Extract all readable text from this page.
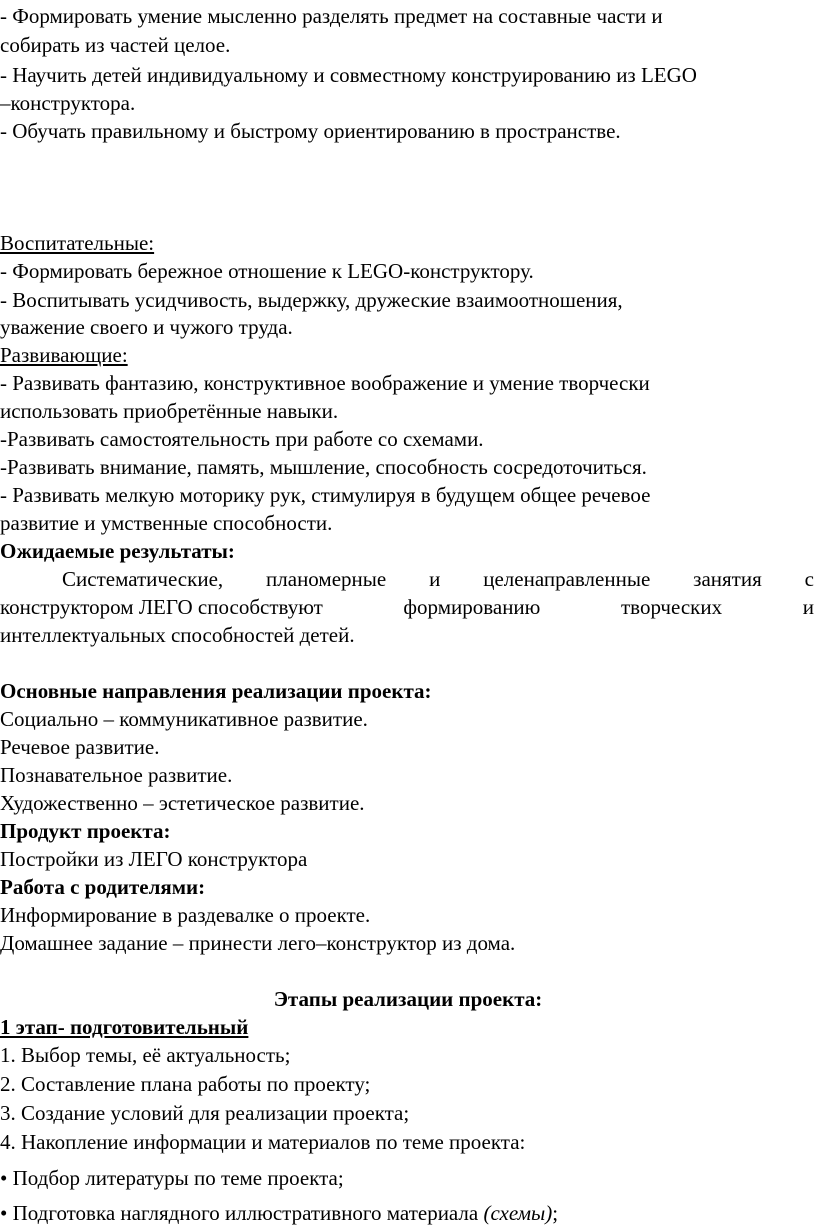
- Формировать умение мысленно разделять предмет на составные части и
собирать из частей целое.
- Научить детей индивидуальному и совместному конструированию из LEGO
–конструктора.
- Обучать правильному и быстрому ориентированию в пространстве.
Воспитательные:
- Формировать бережное отношение к LEGO-конструктору.
- Воспитывать усидчивость, выдержку, дружеские взаимоотношения,
уважение своего и чужого труда.
Развивающие:
- Развивать фантазию, конструктивное воображение и умение творчески
использовать приобретённые навыки.
-Развивать самостоятельность при работе со схемами.
-Развивать внимание, память, мышление, способность сосредоточиться.
- Развивать мелкую моторику рук, стимулируя в будущем общее речевое
развитие и умственные способности.
Ожидаемые результаты:
Систематические, планомерные и целенаправленные занятия с
конструктором ЛЕГО способствуют	формированию	творческих	и
интеллектуальных способностей детей.
Основные направления реализации проекта:
Социально – коммуникативное развитие.
Речевое развитие.
Познавательное развитие.
Художественно – эстетическое развитие.
Продукт проекта:
Постройки из ЛЕГО конструктора
Работа с родителями:
Информирование в раздевалке о проекте.
Домашнее задание – принести лего–конструктор из дома.
Этапы реализации проекта:
1 этап- подготовительный
1. Выбор темы, её актуальность;
2. Составление плана работы по проекту;
3. Создание условий для реализации проекта;
4. Накопление информации и материалов по теме проекта:
• Подбор литературы по теме проекта;
• Подготовка наглядного иллюстративного материала (схемы);
